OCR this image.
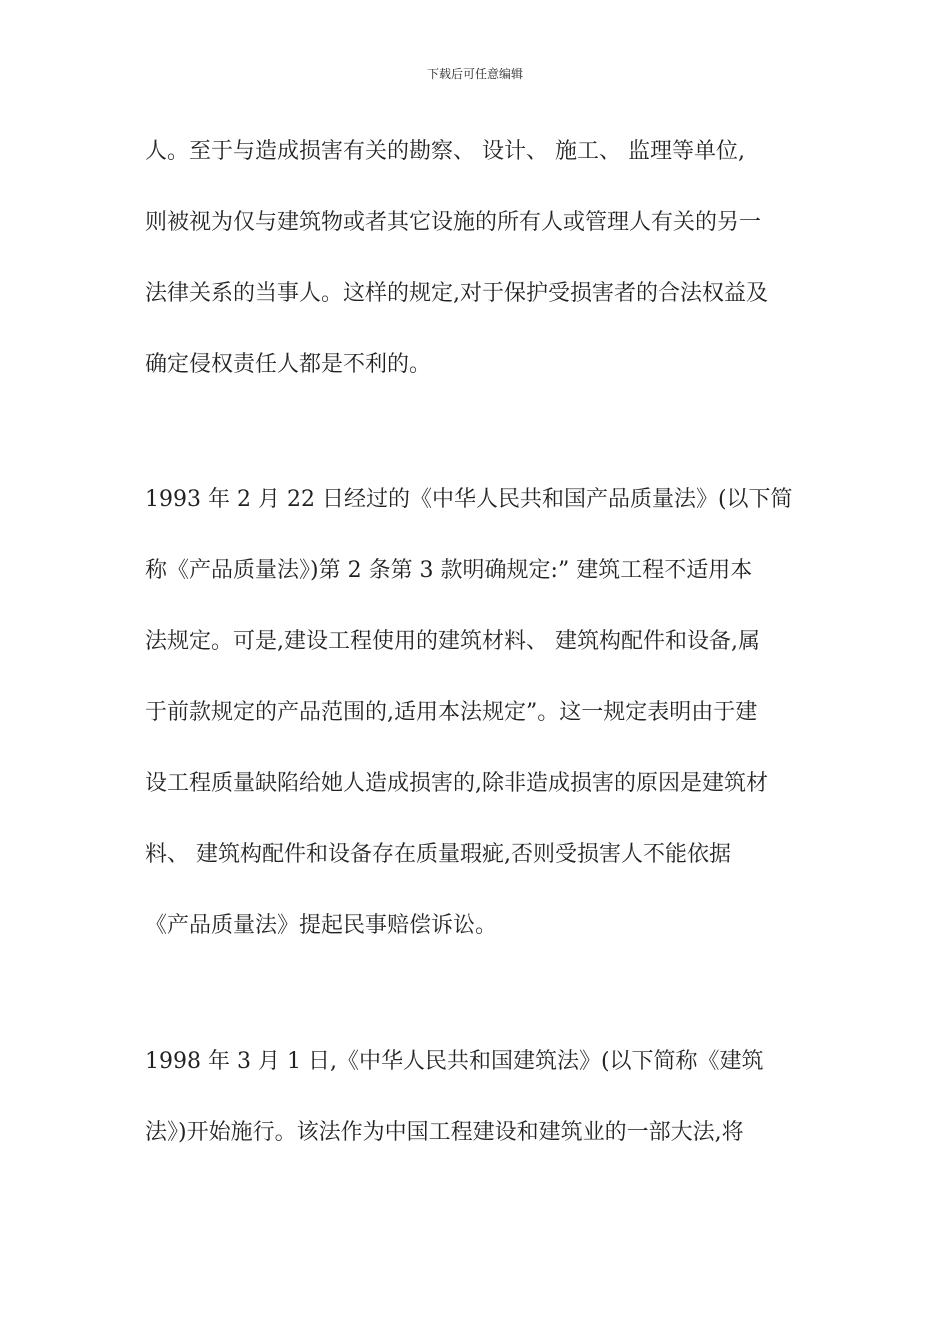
下载后可任意编辑
人。至于与造成损害有关的勘察、 设计、 施工、 监理等单位,
则被视为仅与建筑物或者其它设施的所有人或管理人有关的另一
法律关系的当事人。这样的规定,对于保护受损害者的合法权益及
确定侵权责任人都是不利的。
1993 年 2 月 22 日经过的《中华人民共和国产品质量法》(以下简
称《产品质量法》)第 2 条第 3 款明确规定:” 建筑工程不适用本
法规定。可是,建设工程使用的建筑材料、 建筑构配件和设备,属
于前款规定的产品范围的,适用本法规定”。这一规定表明由于建
设工程质量缺陷给她人造成损害的,除非造成损害的原因是建筑材
料、 建筑构配件和设备存在质量瑕疵,否则受损害人不能依据
《产品质量法》提起民事赔偿诉讼。
1998 年 3 月 1 日,《中华人民共和国建筑法》(以下简称《建筑
法》)开始施行。该法作为中国工程建设和建筑业的一部大法,将
